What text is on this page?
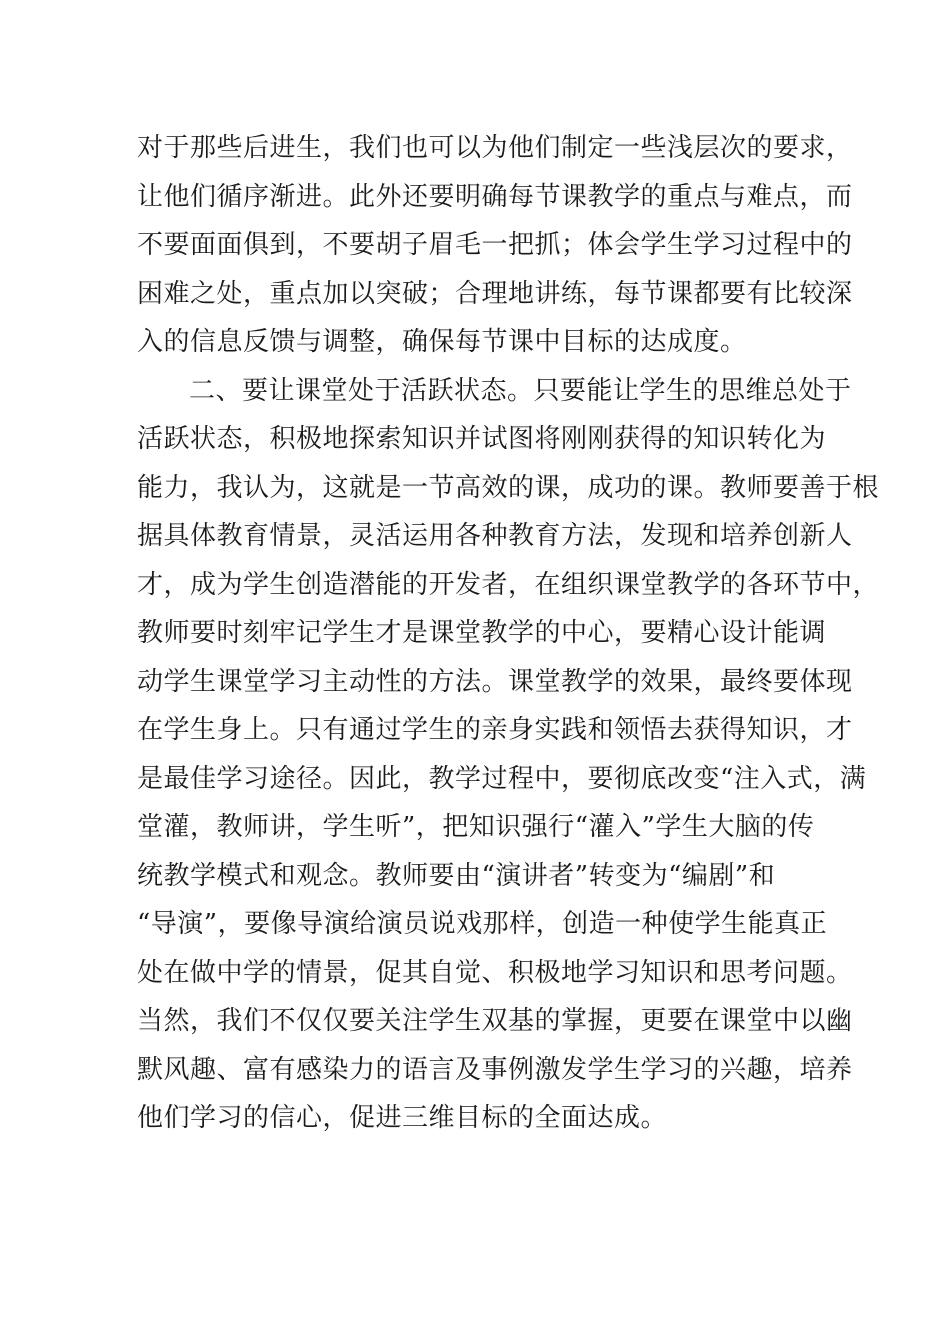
对于那些后进生，我们也可以为他们制定一些浅层次的要求，
让他们循序渐进。此外还要明确每节课教学的重点与难点，而
不要面面俱到，不要胡子眉毛一把抓；体会学生学习过程中的
困难之处，重点加以突破；合理地讲练，每节课都要有比较深
入的信息反馈与调整，确保每节课中目标的达成度。
二、要让课堂处于活跃状态。只要能让学生的思维总处于
活跃状态，积极地探索知识并试图将刚刚获得的知识转化为
能力，我认为，这就是一节高效的课，成功的课。教师要善于根
据具体教育情景，灵活运用各种教育方法，发现和培养创新人
才，成为学生创造潜能的开发者，在组织课堂教学的各环节中，
教师要时刻牢记学生才是课堂教学的中心，要精心设计能调
动学生课堂学习主动性的方法。课堂教学的效果，最终要体现
在学生身上。只有通过学生的亲身实践和领悟去获得知识，才
是最佳学习途径。因此，教学过程中，要彻底改变“注入式，满
堂灌，教师讲，学生听”，把知识强行“灌入”学生大脑的传
统教学模式和观念。教师要由“演讲者”转变为“编剧”和
“导演”，要像导演给演员说戏那样，创造一种使学生能真正
处在做中学的情景，促其自觉、积极地学习知识和思考问题。
当然，我们不仅仅要关注学生双基的掌握，更要在课堂中以幽
默风趣、富有感染力的语言及事例激发学生学习的兴趣，培养
他们学习的信心，促进三维目标的全面达成。
